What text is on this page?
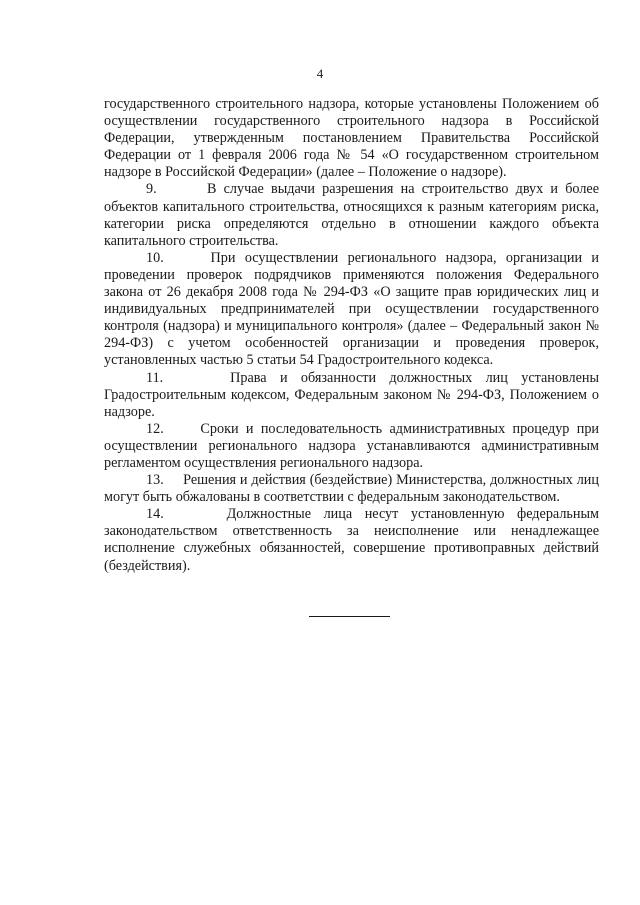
4

государственного строительного надзора, которые установлены Положением об осуществлении государственного строительного надзора в Российской Федерации, утвержденным постановлением Правительства Российской Федерации от 1 февраля 2006 года № 54 «О государственном строительном надзоре в Российской Федерации» (далее – Положение о надзоре).

9.       В случае выдачи разрешения на строительство двух и более объектов капитального строительства, относящихся к разным категориям риска, категории риска определяются отдельно в отношении каждого объекта капитального строительства.

10.     При осуществлении регионального надзора, организации и проведении проверок подрядчиков применяются положения Федерального закона от 26 декабря 2008 года № 294-ФЗ «О защите прав юридических лиц и индивидуальных предпринимателей при осуществлении государственного контроля (надзора) и муниципального контроля» (далее – Федеральный закон № 294-ФЗ) с учетом особенностей организации и проведения проверок, установленных частью 5 статьи 54 Градостроительного кодекса.

11.     Права и обязанности должностных лиц установлены Градостроительным кодексом, Федеральным законом № 294-ФЗ, Положением о надзоре.

12.     Сроки и последовательность административных процедур при осуществлении регионального надзора устанавливаются административным регламентом осуществления регионального надзора.

13.     Решения и действия (бездействие) Министерства, должностных лиц могут быть обжалованы в соответствии с федеральным законодательством.

14.     Должностные лица несут установленную федеральным законодательством ответственность за неисполнение или ненадлежащее исполнение служебных обязанностей, совершение противоправных действий (бездействия).
